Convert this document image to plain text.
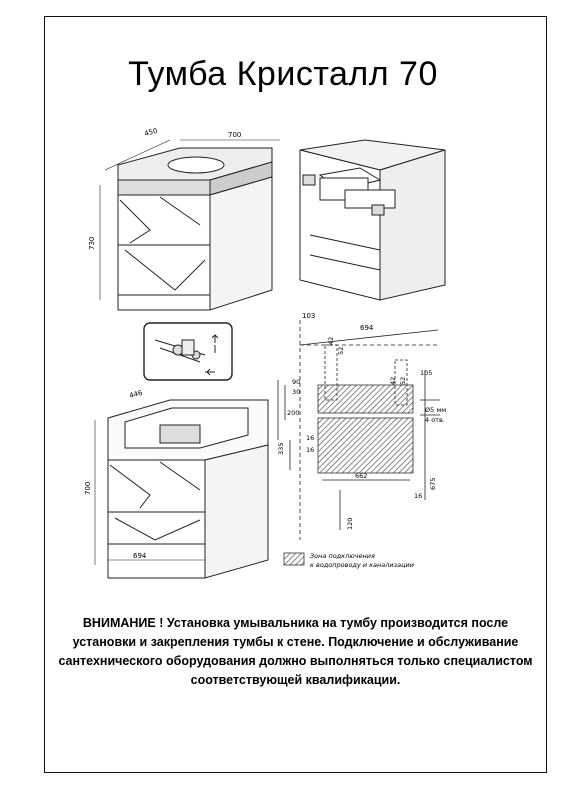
Тумба Кристалл 70
450	700
730
446
700
694
103
694
42
52
42 52
105
90
30
200
16
335	16
662
16
675
120
Ø5 мм
4 отв.
Зона подключения
к водопроводу и канализации
ВНИМАНИЕ ! Установка умывальника на тумбу производится после установки и закрепления тумбы к стене. Подключение и обслуживание сантехнического оборудования должно выполняться только специалистом соответствующей квалификации.
